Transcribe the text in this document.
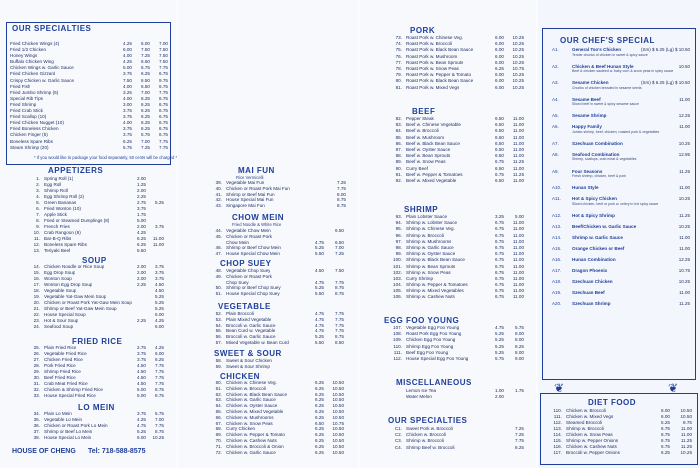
OUR SPECIALTIES
Fried Chicken Wings (4)	4.25	6.00	7.00
Fried 1/2 Chicken	6.00	7.50	7.50
Honey Wings	4.00	7.25	7.50
Buffalo Chicken Wing	4.25	6.50	7.50
Chicken Wings w. Garlic Sauce	5.00	6.75	7.75
Fried Chicken Gizzard	3.75	6.25	6.75
Crispy Chicken w. Garlic Sauce	7.50	6.50	9.75
Fried Fish	4.00	6.50	6.75
Fried Jumbo Shrimp (5)	3.25	7.00	7.75
Special Rib Tips	4.00	6.25	6.75
Fried Shrimp	3.00	6.25	6.75
Fried Crab Stick	3.75	6.25	6.75
Fried Scallop (10)	3.75	6.25	6.75
Fried Chicken Nugget (10)	4.00	6.25	6.75
Fried Boneless Chicken	3.75	6.25	6.75
Chicken Finger (5)	3.75	5.75	6.75
Boneless Spare Ribs	6.25	7.00	7.75
Steam Shrimp (20)	5.75	7.25	7.75
* If you would like to package your food separately, 50 cents will be charged *
APPETIZERS
1. Spring Roll (1)	2.00
2. Egg Roll	1.25
3. Shrimp Roll	2.00
4. Egg Shrimp Roll (2)	2.25
5. Green Bananas	2.75	5.25
6. Fried Wonton (10)	3.75
7. Apple Stick	1.75
8. Fried or Steamed Dumplings (8)	5.00
9. French Fries	2.00	3.75
10. Crab Rangoon (8)	4.25
11. Bar-B-Q Ribs	6.25	11.00
12. Boneless Spare Ribs	6.25	11.00
13. Teriyaki Beef	5.50
SOUP
14. Chicken Noodle or Rice Soup	2.00	3.75
15. Egg Drop Soup	2.00	3.75
16. Wonton Soup	2.00	3.75
17. Wonton Egg Drop Soup	2.25	4.50
18. Vegetable Soup	4.50
19. Vegetable Yat-Gaw Mein Soup	5.25
20. Chicken or Roast Pork Yat-Gaw Mein Soup	5.25
21. Shrimp or Beef Yat-Gaw Mein Soup	5.25
22. House Special Soup	6.00
23. Hot & Sour Soup	2.25	4.25
24. Seafood Soup	6.00
FRIED RICE
25. Plain Fried Rice	2.75	4.25
26. Vegetable Fried Rice	3.75	6.00
27. Chicken Fried Rice	3.75	6.25
28. Pork Fried Rice	4.50	7.75
29. Shrimp Fried Rice	4.50	7.75
30. Beef Fried Rice	4.50	7.75
31. Crab Meat Fried Rice	4.50	7.75
32. Chicken & Shrimp Fried Rice	5.00	8.75
33. House Special Fried Rice	5.00	8.75
LO MEIN
34. Plain Lo Mein	3.75	5.75
35. Vegetable Lo Mein	4.25	7.00
36. Chicken or Roast Pork Lo Mein	4.75	7.75
37. Shrimp or Beef Lo Mein	5.25	8.75
38. House Special Lo Mein	6.00	10.25
HOUSE OF CHENG Tel: 718-588-8575
MAI FUN
Rice Vermicelli
39. Vegetable Mai Fun	7.25
40. Chicken or Roast Pork Mai Fun	7.75
41. Shrimp or Beef Mai Fun	8.00
42. House Special Mai Fun	8.75
43. Singapore Mai Fun	8.75
CHOW MEIN
Fried Noodle & White Rice
44. Vegetable Chow Mein	6.50
45. Chicken or Roast Pork
Chow Mein	4.75	6.50
46. Shrimp or Beef Chow Mein	5.25	7.00
47. House Special Chow Mein	5.50	7.25
CHOP SUEY
48. Vegetable Chop Suey	4.50	7.50
49. Chicken or Roast Pork
Chop Suey	4.75	7.75
50. Shrimp or Beef Chop Suey	5.25	8.75
51. House Special Chop Suey	5.50	8.75
VEGETABLE
52. Plain Broccoli	4.75	7.75
53. Plain Mixed Vegetable	4.75	7.75
54. Broccoli w. Garlic Sauce	4.75	7.75
55. Bean Curd w. Vegetable	4.75	7.75
56. Broccoli w. Garlic Sauce	5.25	8.75
57. Mixed Vegetable w. Bean Curd	5.50	8.50
SWEET & SOUR
58. Sweet & Sour Chicken
59. Sweet & Sour Shrimp
CHICKEN
60. Chicken w. Chinese Veg.	6.25	10.50
61. Chicken w. Broccoli	6.25	10.50
62. Chicken w. Black Bean Sauce	6.25	10.50
63. Chicken w. Garlic Sauce	6.25	10.50
64. Chicken w. Oyster Sauce	6.25	10.50
65. Chicken w. Mixed Vegetable	6.25	10.50
66. Chicken w. Mushrooms	6.25	10.50
67. Chicken w. Snow Peas	6.50	10.75
68. Curry Chicken	6.25	10.50
69. Chicken w. Pepper & Tomato	6.25	10.50
70. Chicken w. Cashew Nuts	6.25	10.50
71. Chicken w. Broccoli & Onion	6.25	10.50
72. Chicken w. Garlic Sauce	6.25	10.50
PORK
73. Roast Pork w. Chinese Veg.	6.00	10.25
74. Roast Pork w. Broccoli	6.00	10.25
75. Roast Pork w. Black Bean Sauce	6.00	10.25
76. Roast Pork w. Mushroom	6.00	10.25
77. Roast Pork w. Bean Sprouts	6.00	10.25
78. Roast Pork w. Snow Peas	6.25	10.75
79. Roast Pork w. Pepper & Tomato	6.00	10.25
80. Roast Pork w. Black Bean Sauce	6.00	10.25
81. Roast Pork w. Mixed Vegs	6.00	10.25
BEEF
82. Pepper Steak	6.50	11.00
83. Beef w. Chinese Vegetable	6.50	11.00
84. Beef w. Broccoli	6.50	11.00
85. Beef w. Mushroom	6.50	11.00
86. Beef w. Black Bean Sauce	6.50	11.00
87. Beef w. Oyster Sauce	6.50	11.00
88. Beef w. Bean Sprouts	6.50	11.00
89. Beef w. Snow Peas	6.75	11.25
90. Curry Beef	6.50	11.00
91. Beef w. Pepper & Tomatoes	6.75	11.25
92. Beef w. Mixed Vegetable	6.50	11.00
SHRIMP
93. Plain Lobster Sauce	3.25	5.00
94. Shrimp w. Lobster Sauce	6.75	11.00
95. Shrimp w. Chinese Veg.	6.75	11.00
96. Shrimp w. Broccoli	6.75	11.00
97. Shrimp w. Mushrooms	6.75	11.00
98. Shrimp w. Garlic Sauce	6.75	11.00
99. Shrimp w. Oyster Sauce	6.75	11.00
100. Shrimp w. Black Bean Sauce	6.75	11.00
101. Shrimp w. Bean Sprouts	6.75	11.00
102. Shrimp w. Snow Peas	6.75	11.00
103. Curry Shrimp	6.75	11.00
104. Shrimp w. Pepper & Tomatoes	6.75	11.00
105. Shrimp w. Mixed Vegetables	6.75	11.00
106. Shrimp w. Cashew Nuts	6.75	11.00
EGG FOO YOUNG
107. Vegetable Egg Foo Young	4.75	5.75
108. Roast Pork Egg Foo Young	5.25	8.00
109. Chicken Egg Foo Young	5.25	8.00
110. Shrimp Egg Foo Young	5.25	8.25
111. Beef Egg Foo Young	5.25	8.00
112. House Special Egg Foo Young	5.75	9.00
MISCELLANEOUS
Lemon Ice Tea	1.00	1.75
Water Melon	2.00
OUR SPECIALTIES
C1. Sweet Pork w. Broccoli	7.25
C2. Chicken w. Broccoli	7.25
C3. Shrimp w. Broccoli	7.75
C4. Shrimp Beef w. Broccoli	8.25
OUR CHEF'S SPECIAL
A1.	General Tso's Chicken	(Sm) $ 6.25 (Lg) $ 10.50
Tender chunks of chicken in sweet & spicy sauce
A2.	Chicken & Beef Hunan Style	10.50
Beef & chicken sauteed w. baby corn & snow peas in spicy sauce
A3.	Sesame Chicken	(Sm) $ 6.25 (Lg) $ 10.50
Chunks of chicken breaded in sesame seeds
A4.	Sesame Beef	11.00
Sliced beef in sweet & spicy sesame sauce
A5.	Sesame Shrimp	12.25
A6.	Happy Family	11.00
Jumbo shrimp, beef, chicken, roasted pork & vegetables
A7.	Szechuan Combination	10.25
A8.	Seafood Combination	12.95
Shrimp, scallops, crab meat & vegetables
A9.	Four Seasons	11.25
Fresh shrimp, chicken, beef & pork
A10. Hunan Style	11.00
A11. Hot & Spicy Chicken	10.25
Sliced chicken, beef or pork w. celery in hot spicy sauce
A12. Hot & Spicy Shrimp	11.25
A13. Beef/Chicken w. Garlic Sauce	10.25
A14. Shrimp w. Garlic Sauce	11.00
A15. Orange Chicken or Beef	11.00
A16. Hunan Combination	12.25
A17. Dragon Phoenix	10.75
A18. Szechuan Chicken	10.25
A19. Szechuan Beef	11.00
A20. Szechuan Shrimp	11.25
❦	❦
DIET FOOD
110. Chicken w. Broccoli	6.00	10.50
111. Chicken w. Mixed Vegs	6.00	10.50
112. Steamed Broccoli	5.25	8.75
113. Shrimp w. Broccoli	6.75	11.00
114. Chicken w. Snow Peas	6.75	11.00
115. Shrimp w. Pepper Onions	6.75	11.25
116. Chicken w. Cashew Nuts	6.75	11.25
117. Broccoli w. Pepper Onions	6.25	10.25
